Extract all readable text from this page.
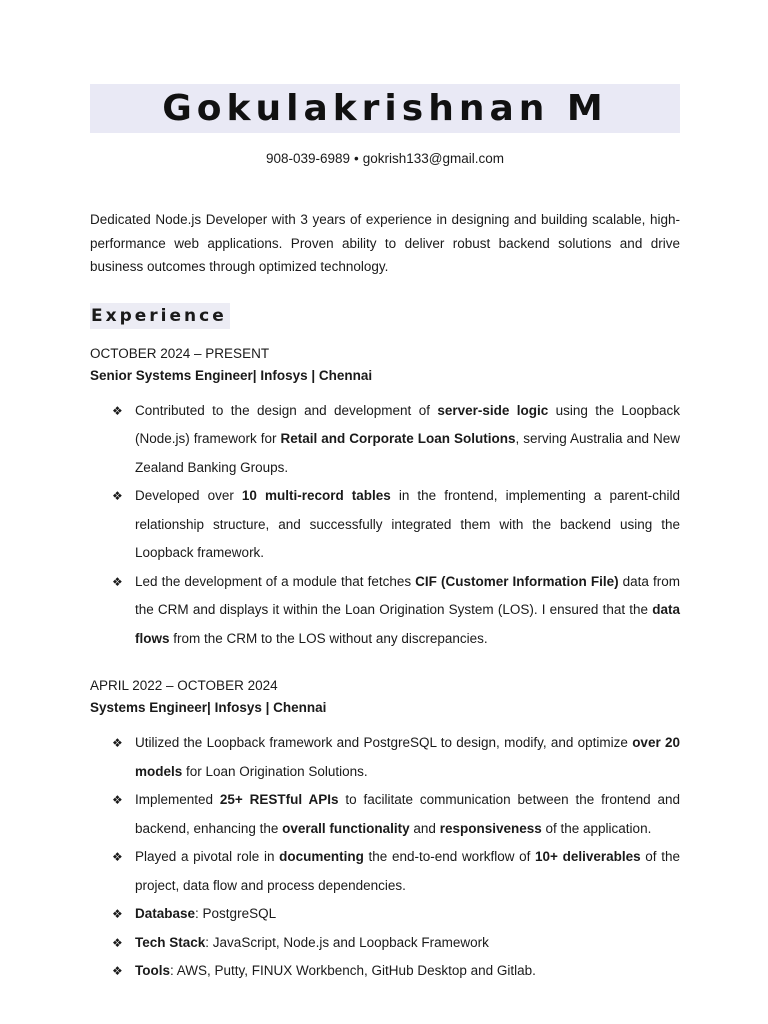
Gokulakrishnan M
908-039-6989 • gokrish133@gmail.com

Dedicated Node.js Developer with 3 years of experience in designing and building scalable, high-performance web applications. Proven ability to deliver robust backend solutions and drive business outcomes through optimized technology.

Experience
OCTOBER 2024 – PRESENT
Senior Systems Engineer| Infosys | Chennai
❖ Contributed to the design and development of server-side logic using the Loopback (Node.js) framework for Retail and Corporate Loan Solutions, serving Australia and New Zealand Banking Groups.
❖ Developed over 10 multi-record tables in the frontend, implementing a parent-child relationship structure, and successfully integrated them with the backend using the Loopback framework.
❖ Led the development of a module that fetches CIF (Customer Information File) data from the CRM and displays it within the Loan Origination System (LOS). I ensured that the data flows from the CRM to the LOS without any discrepancies.
APRIL 2022 – OCTOBER 2024
Systems Engineer| Infosys | Chennai
❖ Utilized the Loopback framework and PostgreSQL to design, modify, and optimize over 20 models for Loan Origination Solutions.
❖ Implemented 25+ RESTful APIs to facilitate communication between the frontend and backend, enhancing the overall functionality and responsiveness of the application.
❖ Played a pivotal role in documenting the end-to-end workflow of 10+ deliverables of the project, data flow and process dependencies.
❖ Database: PostgreSQL
❖ Tech Stack: JavaScript, Node.js and Loopback Framework
❖ Tools: AWS, Putty, FINUX Workbench, GitHub Desktop and Gitlab.
